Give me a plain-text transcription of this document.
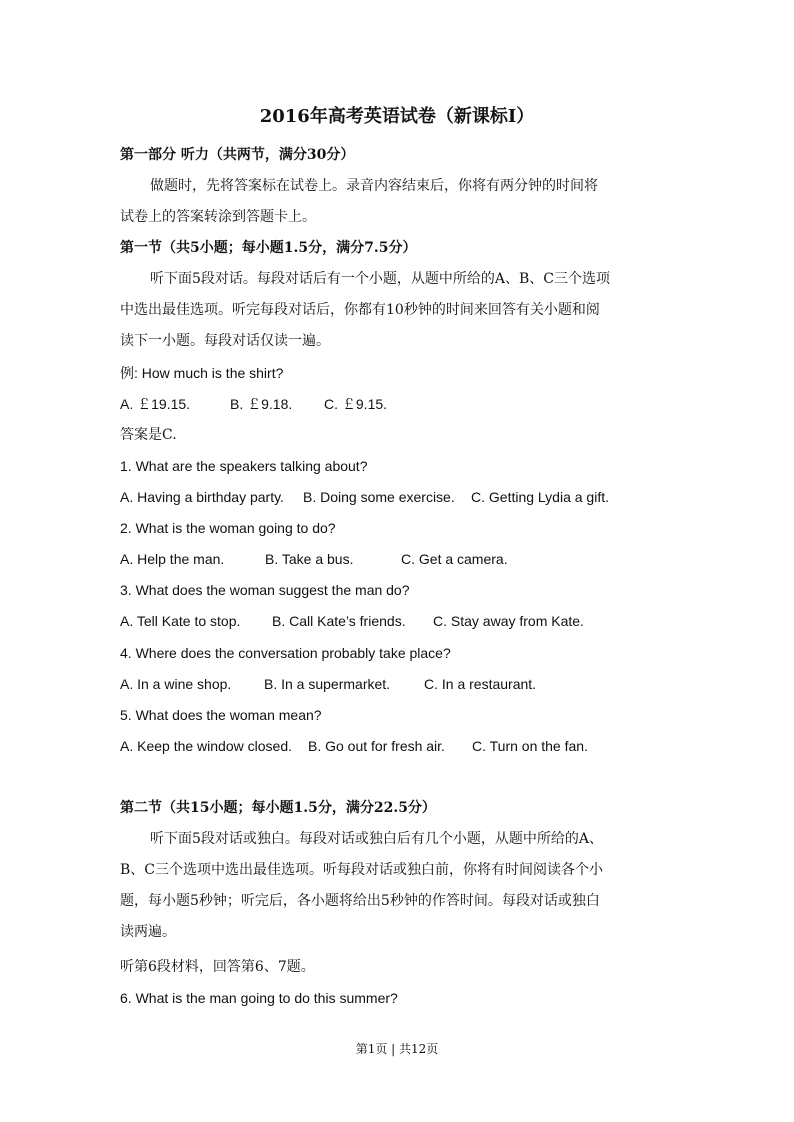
2016年高考英语试卷（新课标I）
第一部分 听力（共两节，满分30分）
做题时，先将答案标在试卷上。录音内容结束后，你将有两分钟的时间将
试卷上的答案转涂到答题卡上。
第一节（共5小题；每小题1.5分，满分7.5分）
听下面5段对话。每段对话后有一个小题，从题中所给的A、B、C三个选项
中选出最佳选项。听完每段对话后，你都有10秒钟的时间来回答有关小题和阅
读下一小题。每段对话仅读一遍。
例: How much is the shirt?
A. ￡19.15.	B. ￡9.18. C. ￡9.15.
答案是C.
1. What are the speakers talking about?
A. Having a birthday party. B. Doing some exercise. C. Getting Lydia a gift.
2. What is the woman going to do?
A. Help the man.	B. Take a bus.	C. Get a camera.
3. What does the woman suggest the man do?
A. Tell Kate to stop. B. Call Kate’s friends. C. Stay away from Kate.
4. Where does the conversation probably take place?
A. In a wine shop. B. In a supermarket. C. In a restaurant.
5. What does the woman mean?
A. Keep the window closed. B. Go out for fresh air. C. Turn on the fan.
第二节（共15小题；每小题1.5分，满分22.5分）
听下面5段对话或独白。每段对话或独白后有几个小题，从题中所给的A、
B、C三个选项中选出最佳选项。听每段对话或独白前，你将有时间阅读各个小
题，每小题5秒钟；听完后，各小题将给出5秒钟的作答时间。每段对话或独白
读两遍。
听第6段材料，回答第6、7题。
6. What is the man going to do this summer?
第1页 | 共12页
